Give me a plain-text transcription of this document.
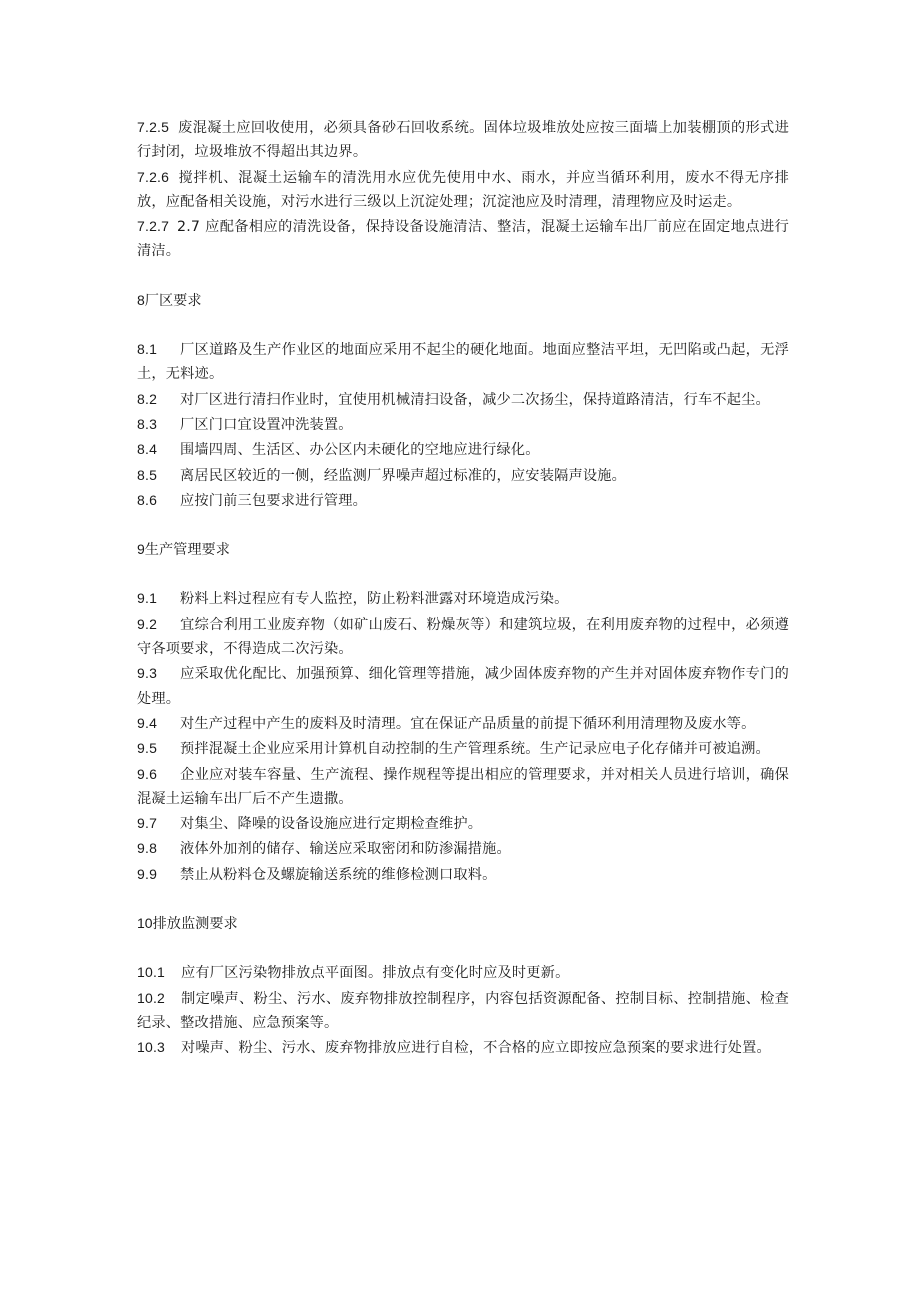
7.2.5 废混凝土应回收使用，必须具备砂石回收系统。固体垃圾堆放处应按三面墙上加装棚顶的形式进行封闭，垃圾堆放不得超出其边界。

7.2.6 搅拌机、混凝土运输车的清洗用水应优先使用中水、雨水，并应当循环利用，废水不得无序排放，应配备相关设施，对污水进行三级以上沉淀处理；沉淀池应及时清理，清理物应及时运走。

7.2.7 2.7 应配备相应的清洗设备，保持设备设施清洁、整洁，混凝土运输车出厂前应在固定地点进行清洁。

8厂区要求

8.1 厂区道路及生产作业区的地面应采用不起尘的硬化地面。地面应整洁平坦，无凹陷或凸起，无浮土，无料迹。

8.2 对厂区进行清扫作业时，宜使用机械清扫设备，减少二次扬尘，保持道路清洁，行车不起尘。

8.3 厂区门口宜设置冲洗装置。

8.4 围墙四周、生活区、办公区内未硬化的空地应进行绿化。

8.5 离居民区较近的一侧，经监测厂界噪声超过标准的，应安装隔声设施。

8.6 应按门前三包要求进行管理。

9生产管理要求

9.1 粉料上料过程应有专人监控，防止粉料泄露对环境造成污染。

9.2 宜综合利用工业废弃物（如矿山废石、粉燥灰等）和建筑垃圾，在利用废弃物的过程中，必须遵守各项要求，不得造成二次污染。

9.3 应采取优化配比、加强预算、细化管理等措施，减少固体废弃物的产生并对固体废弃物作专门的处理。

9.4 对生产过程中产生的废料及时清理。宜在保证产品质量的前提下循环利用清理物及废水等。

9.5 预拌混凝土企业应采用计算机自动控制的生产管理系统。生产记录应电子化存储并可被追溯。

9.6 企业应对装车容量、生产流程、操作规程等提出相应的管理要求，并对相关人员进行培训，确保混凝土运输车出厂后不产生遗撒。

9.7 对集尘、降噪的设备设施应进行定期检查维护。

9.8 液体外加剂的储存、输送应采取密闭和防渗漏措施。

9.9 禁止从粉料仓及螺旋输送系统的维修检测口取料。

10排放监测要求

10.1 应有厂区污染物排放点平面图。排放点有变化时应及时更新。

10.2 制定噪声、粉尘、污水、废弃物排放控制程序，内容包括资源配备、控制目标、控制措施、检查纪录、整改措施、应急预案等。

10.3 对噪声、粉尘、污水、废弃物排放应进行自检，不合格的应立即按应急预案的要求进行处置。
